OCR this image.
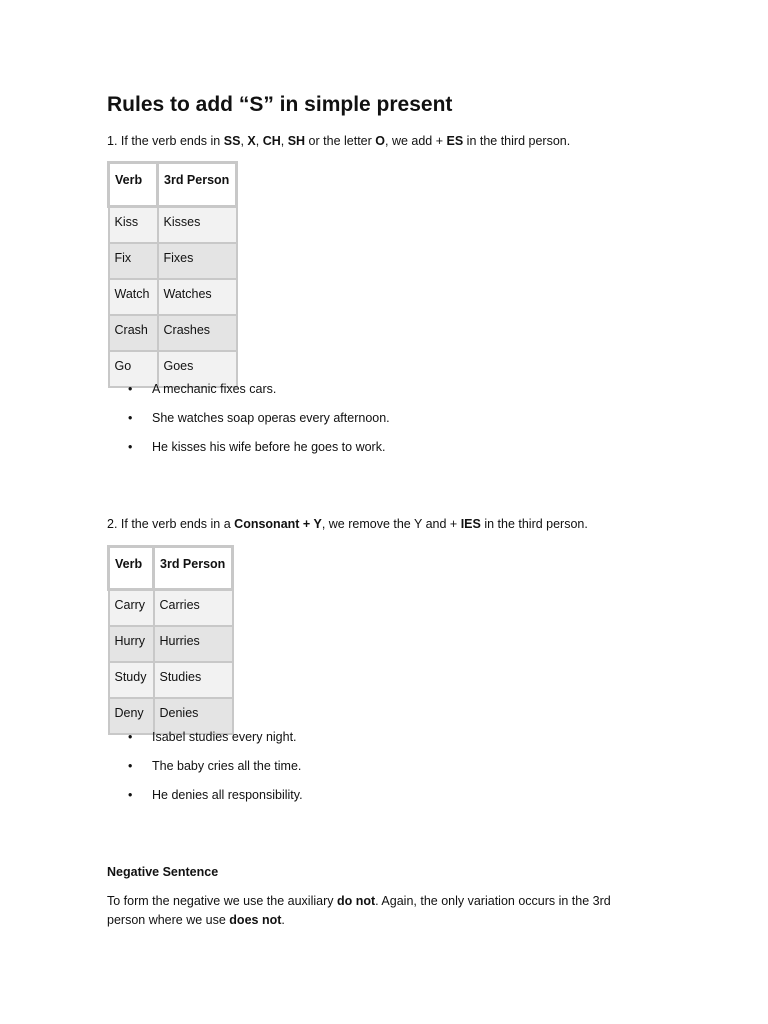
Rules to add “S” in simple present
1. If the verb ends in SS, X, CH, SH or the letter O, we add + ES in the third person.
Verb	3rd Person
Kiss	Kisses
Fix	Fixes
Watch	Watches
Crash	Crashes
Go	Goes
• A mechanic fixes cars.
• She watches soap operas every afternoon.
• He kisses his wife before he goes to work.
2. If the verb ends in a Consonant + Y, we remove the Y and + IES in the third person.
Verb	3rd Person
Carry	Carries
Hurry	Hurries
Study	Studies
Deny	Denies
• Isabel studies every night.
• The baby cries all the time.
• He denies all responsibility.
Negative Sentence
To form the negative we use the auxiliary do not. Again, the only variation occurs in the 3rd person where we use does not.
